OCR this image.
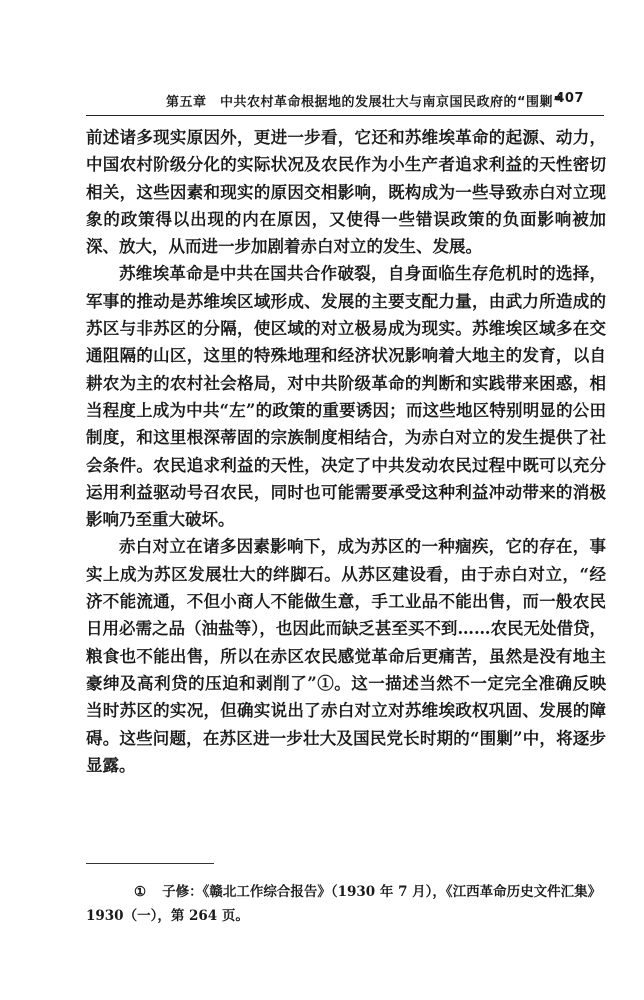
第五章　中共农村革命根据地的发展壮大与南京国民政府的“围剿”
407

前述诸多现实原因外，更进一步看，它还和苏维埃革命的起源、动力，中国农村阶级分化的实际状况及农民作为小生产者追求利益的天性密切相关，这些因素和现实的原因交相影响，既构成为一些导致赤白对立现象的政策得以出现的内在原因，又使得一些错误政策的负面影响被加深、放大，从而进一步加剧着赤白对立的发生、发展。

苏维埃革命是中共在国共合作破裂，自身面临生存危机时的选择，军事的推动是苏维埃区域形成、发展的主要支配力量，由武力所造成的苏区与非苏区的分隔，使区域的对立极易成为现实。苏维埃区域多在交通阻隔的山区，这里的特殊地理和经济状况影响着大地主的发育，以自耕农为主的农村社会格局，对中共阶级革命的判断和实践带来困惑，相当程度上成为中共“左”的政策的重要诱因；而这些地区特别明显的公田制度，和这里根深蒂固的宗族制度相结合，为赤白对立的发生提供了社会条件。农民追求利益的天性，决定了中共发动农民过程中既可以充分运用利益驱动号召农民，同时也可能需要承受这种利益冲动带来的消极影响乃至重大破坏。

赤白对立在诸多因素影响下，成为苏区的一种痼疾，它的存在，事实上成为苏区发展壮大的绊脚石。从苏区建设看，由于赤白对立，“经济不能流通，不但小商人不能做生意，手工业品不能出售，而一般农民日用必需之品（油盐等），也因此而缺乏甚至买不到……农民无处借贷，粮食也不能出售，所以在赤区农民感觉革命后更痛苦，虽然是没有地主豪绅及高利贷的压迫和剥削了”①。这一描述当然不一定完全准确反映当时苏区的实况，但确实说出了赤白对立对苏维埃政权巩固、发展的障碍。这些问题，在苏区进一步壮大及国民党长时期的“围剿”中，将逐步显露。

① 子修：《赣北工作综合报告》（1930 年 7 月），《江西革命历史文件汇集》1930（一），第 264 页。
